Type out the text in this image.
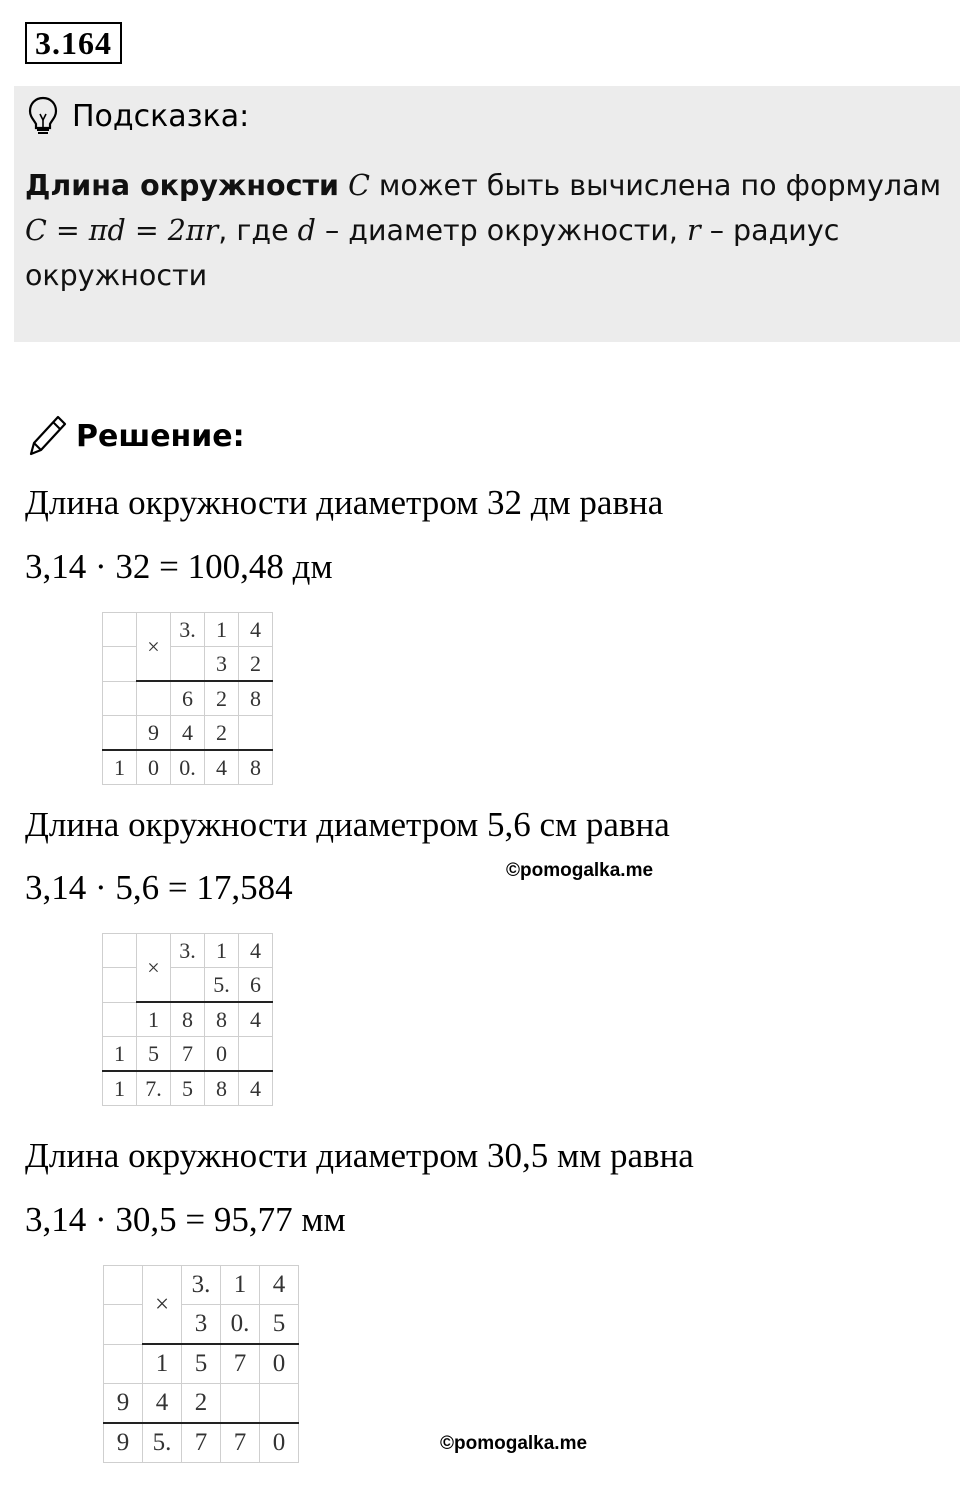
3.164
Подсказка:
Длина окружности C может быть вычислена по формулам
C = πd = 2πr, где d – диаметр окружности, r – радиус окружности
Решение:
Длина окружности диаметром 32 дм равна
3,14 · 32 = 100,48 дм
	×	3.	1	4
			3	2
		6	2	8
	9	4	2	
1	0	0.	4	8
Длина окружности диаметром 5,6 см равна
3,14 · 5,6 = 17,584	©pomogalka.me
	×	3.	1	4
			5.	6
	1	8	8	4
1	5	7	0	
1	7.	5	8	4
Длина окружности диаметром 30,5 мм равна
3,14 · 30,5 = 95,77 мм
	×	3.	1	4
		3	0.	5
	1	5	7	0
9	4	2		
9	5.	7	7	0	©pomogalka.me
